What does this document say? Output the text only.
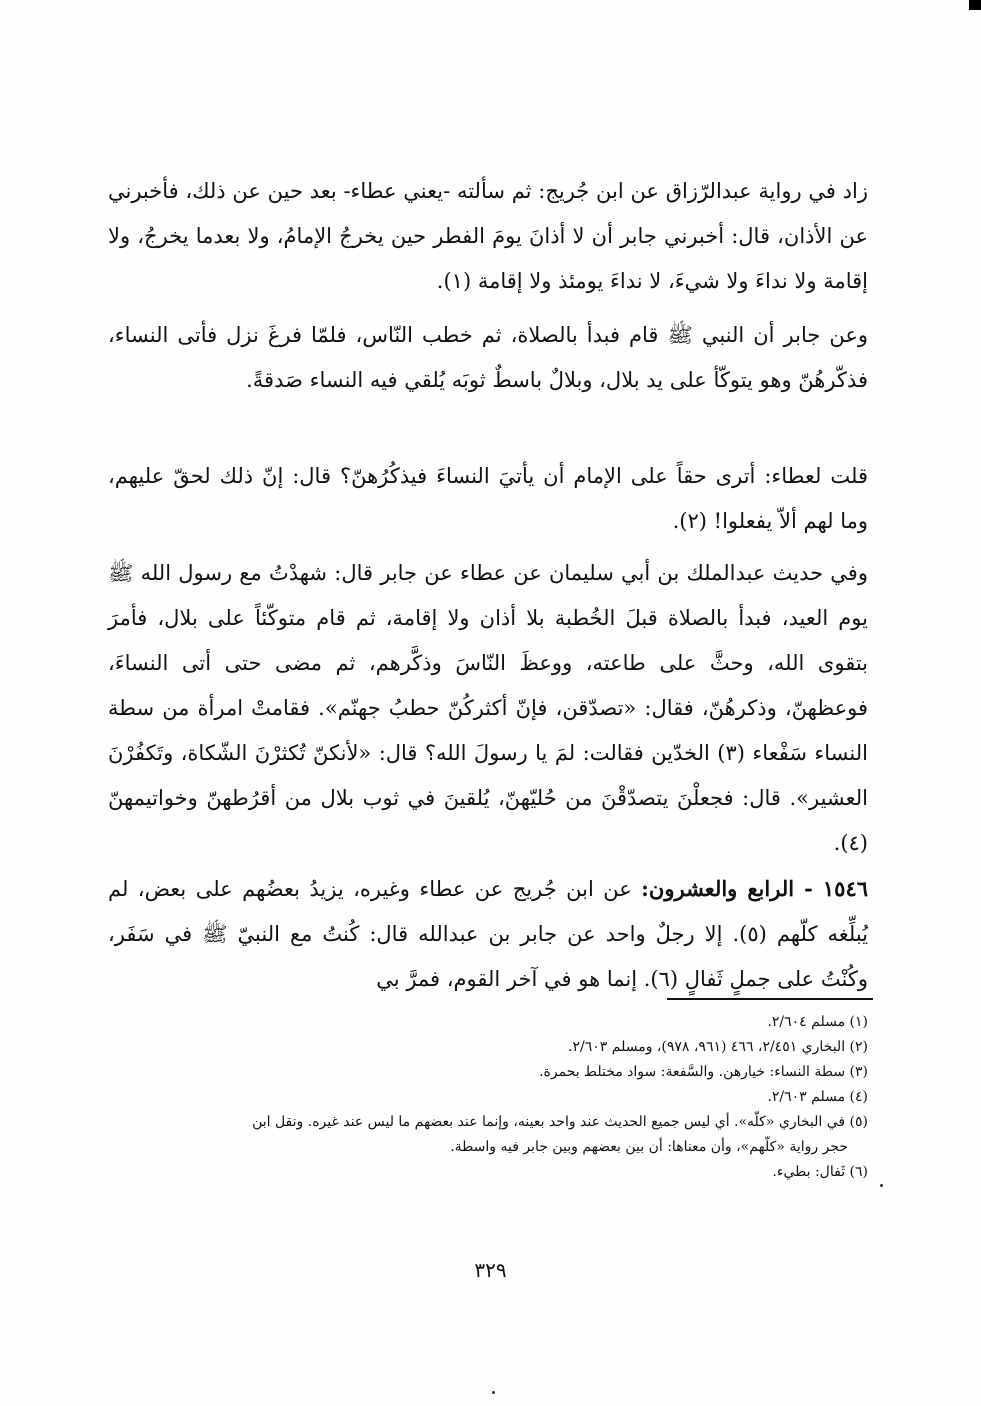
زاد في رواية عبدالرّزاق عن ابن جُريج: ثم سألته -يعني عطاء- بعد حين عن ذلك، فأخبرني عن الأذان، قال: أخبرني جابر أن لا أذانَ يومَ الفطر حين يخرجُ الإمامُ، ولا بعدما يخرجُ، ولا إقامة ولا نداءَ ولا شيءَ، لا نداءَ يومئذ ولا إقامة (١).

وعن جابر أن النبي ﷺ قام فبدأ بالصلاة، ثم خطب النّاس، فلمّا فرغَ نزل فأتى النساء، فذكّرهُنّ وهو يتوكّأ على يد بلال، وبلالٌ باسطٌ ثوبَه يُلقي فيه النساء صَدقةً.

قلت لعطاء: أترى حقاً على الإمام أن يأتيَ النساءَ فيذكُرُهنّ؟ قال: إنّ ذلك لحقّ عليهم، وما لهم ألاّ يفعلوا! (٢).

وفي حديث عبدالملك بن أبي سليمان عن عطاء عن جابر قال: شهدْتُ مع رسول الله ﷺ يوم العيد، فبدأ بالصلاة قبلَ الخُطبة بلا أذان ولا إقامة، ثم قام متوكّئاً على بلال، فأمرَ بتقوى الله، وحثَّ على طاعته، ووعظَ النّاسَ وذكَّرهم، ثم مضى حتى أتى النساءَ، فوعظهنّ، وذكرهُنّ، فقال: «تصدّقن، فإنّ أكثركُنّ حطبُ جهنّم». فقامتْ امرأة من سطة النساء سَفْعاء (٣) الخدّين فقالت: لمَ يا رسولَ الله؟ قال: «لأنكنّ تُكثرْنَ الشّكاة، وتَكفُرْنَ العشير». قال: فجعلْنَ يتصدّقْنَ من حُليّهنّ، يُلقينَ في ثوب بلال من أقرُطهنّ وخواتيمهنّ (٤).

١٥٤٦ - الرابع والعشرون: عن ابن جُريج عن عطاء وغيره، يزيدُ بعضُهم على بعض، لم يُبلِّغه كلّهم (٥). إلا رجلٌ واحد عن جابر بن عبدالله قال: كُنتُ مع النبيّ ﷺ في سَفَر، وكُنْتُ على جملٍ ثَفالٍ (٦). إنما هو في آخر القوم، فمرَّ بي

(١) مسلم ٢/٦٠٤.
(٢) البخاري ٢/٤٥١، ٤٦٦ (٩٦١، ٩٧٨)، ومسلم ٢/٦٠٣.
(٣) سطة النساء: خيارهن. والسَّفعة: سواد مختلط بحمرة.
(٤) مسلم ٢/٦٠٣.
(٥) في البخاري «كلّه». أي ليس جميع الحديث عند واحد بعينه، وإنما عند بعضهم ما ليس عند غيره. ونقل ابن
حجر رواية «كلّهم»، وأن معناها: أن بين بعضهم وبين جابر فيه واسطة.
(٦) ثَفال: بطيء.
٣٢٩
